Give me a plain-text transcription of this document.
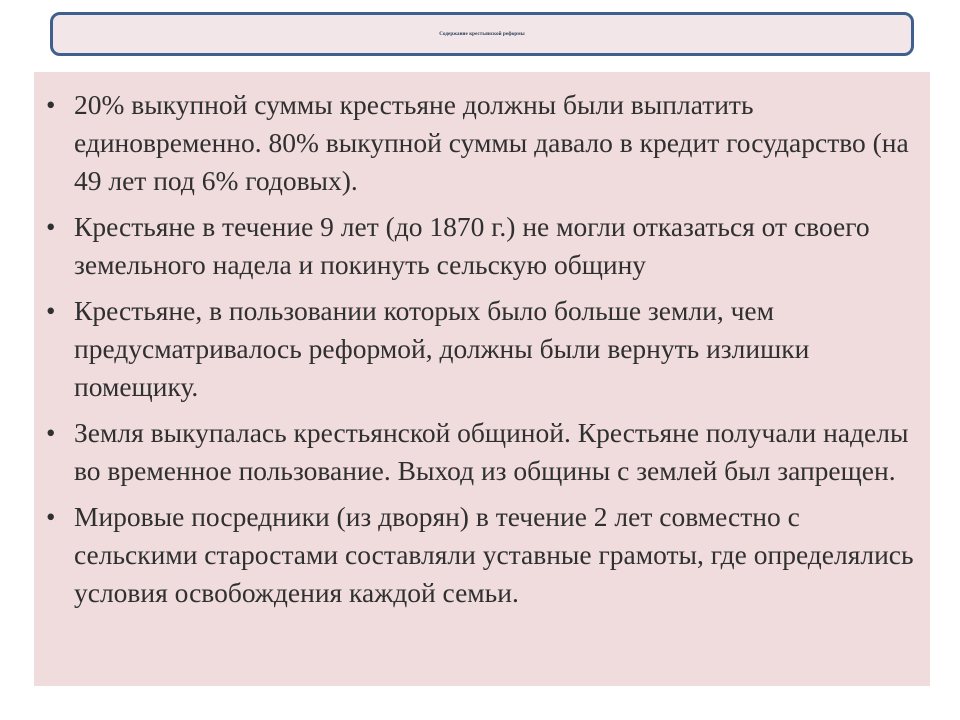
Содержание крестьянской реформы
• 20% выкупной суммы крестьяне должны были выплатить единовременно. 80% выкупной суммы давало в кредит государство (на 49 лет под 6% годовых).
• Крестьяне в течение 9 лет (до 1870 г.) не могли отказаться от своего земельного надела и покинуть сельскую общину
• Крестьяне, в пользовании которых было больше земли, чем предусматривалось реформой, должны были вернуть излишки помещику.
• Земля выкупалась крестьянской общиной. Крестьяне получали наделы во временное пользование. Выход из общины с землей был запрещен.
• Мировые посредники (из дворян) в течение 2 лет совместно с сельскими старостами составляли уставные грамоты, где определялись условия освобождения каждой семьи.
